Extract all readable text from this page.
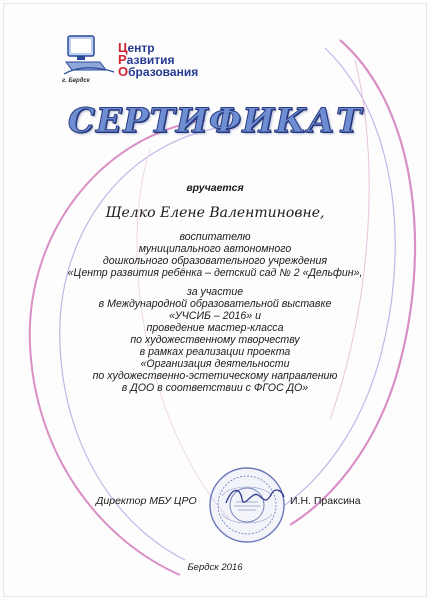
Центр
Развития
Образования
г. Бердск
СЕРТИФИКАТ
вручается
Щелко Елене Валентиновне,
воспитателю
муниципального автономного
дошкольного образовательного учреждения
«Центр развития ребёнка – детский сад № 2 «Дельфин»,
за участие
в Международной образовательной выставке
«УЧСИБ – 2016» и
проведение мастер-класса
по художественному творчеству
в рамках реализации проекта
«Организация деятельности
по художественно-эстетическому направлению
в ДОО в соответствии с ФГОС ДО»
Директор МБУ ЦРО	И.Н. Праксина
Бердск 2016
